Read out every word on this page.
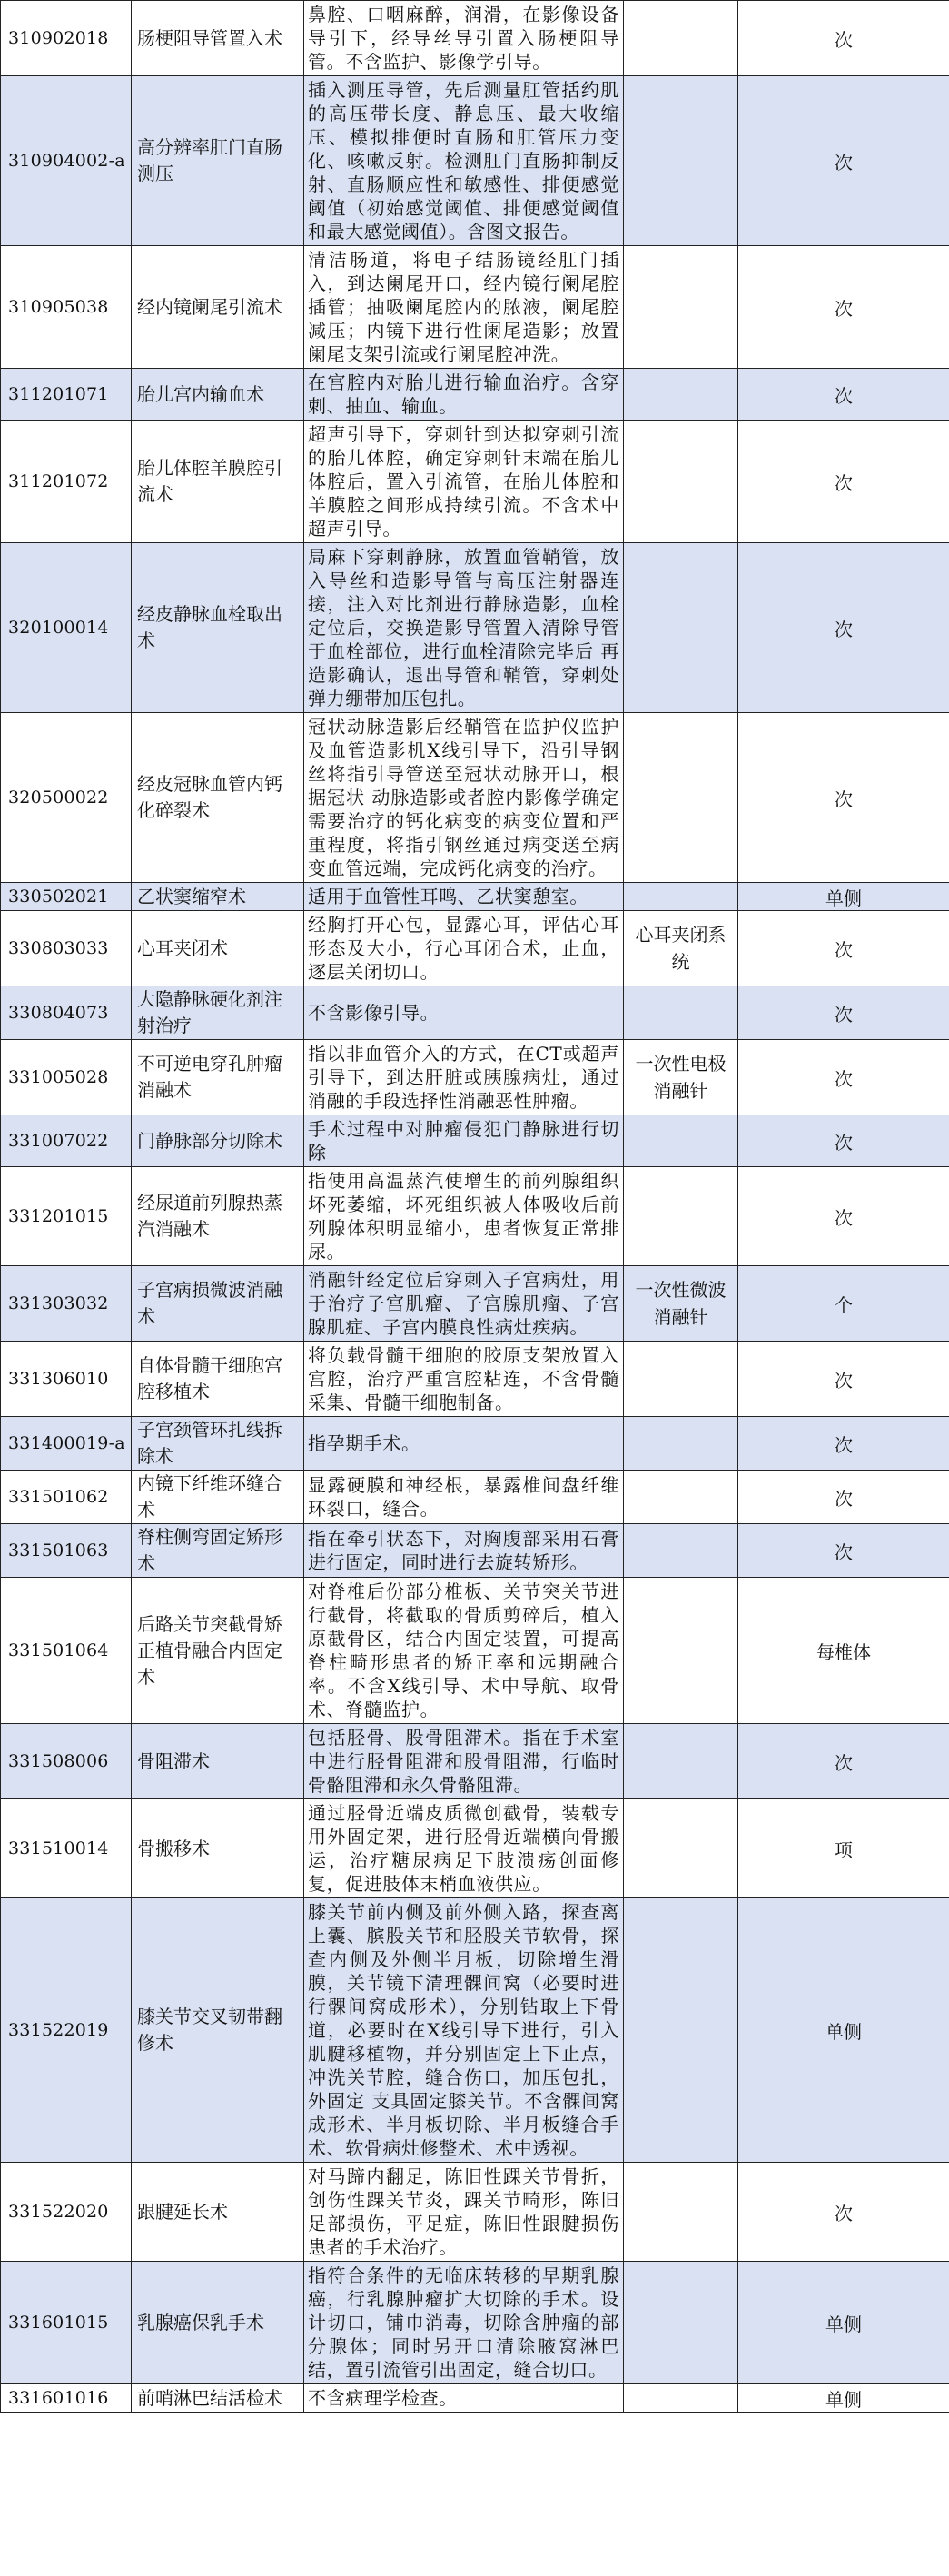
310902018	肠梗阻导管置入术	鼻腔、口咽麻醉，润滑，在影像设备导引下，经导丝导引置入肠梗阻导管。不含监护、影像学引导。		次
310904002-a	高分辨率肛门直肠测压	插入测压导管，先后测量肛管括约肌的高压带长度、静息压、最大收缩压、模拟排便时直肠和肛管压力变化、咳嗽反射。检测肛门直肠抑制反射、直肠顺应性和敏感性、排便感觉阈值（初始感觉阈值、排便感觉阈值和最大感觉阈值）。含图文报告。		次
310905038	经内镜阑尾引流术	清洁肠道，将电子结肠镜经肛门插入，到达阑尾开口，经内镜行阑尾腔插管；抽吸阑尾腔内的脓液，阑尾腔减压；内镜下进行性阑尾造影；放置阑尾支架引流或行阑尾腔冲洗。		次
311201071	胎儿宫内输血术	在宫腔内对胎儿进行输血治疗。含穿刺、抽血、输血。		次
311201072	胎儿体腔羊膜腔引流术	超声引导下，穿刺针到达拟穿刺引流的胎儿体腔，确定穿刺针末端在胎儿体腔后，置入引流管，在胎儿体腔和羊膜腔之间形成持续引流。不含术中超声引导。		次
320100014	经皮静脉血栓取出术	局麻下穿刺静脉，放置血管鞘管，放入导丝和造影导管与高压注射器连接，注入对比剂进行静脉造影，血栓定位后，交换造影导管置入清除导管于血栓部位，进行血栓清除完毕后 再造影确认，退出导管和鞘管，穿刺处弹力绷带加压包扎。		次
320500022	经皮冠脉血管内钙化碎裂术	冠状动脉造影后经鞘管在监护仪监护及血管造影机X线引导下，沿引导钢丝将指引导管送至冠状动脉开口，根据冠状 动脉造影或者腔内影像学确定需要治疗的钙化病变的病变位置和严重程度，将指引钢丝通过病变送至病变血管远端，完成钙化病变的治疗。		次
330502021	乙状窦缩窄术	适用于血管性耳鸣、乙状窦憩室。		单侧
330803033	心耳夹闭术	经胸打开心包，显露心耳，评估心耳形态及大小，行心耳闭合术，止血，逐层关闭切口。	心耳夹闭系统	次
330804073	大隐静脉硬化剂注射治疗	不含影像引导。		次
331005028	不可逆电穿孔肿瘤消融术	指以非血管介入的方式，在CT或超声引导下，到达肝脏或胰腺病灶，通过消融的手段选择性消融恶性肿瘤。	一次性电极消融针	次
331007022	门静脉部分切除术	手术过程中对肿瘤侵犯门静脉进行切除		次
331201015	经尿道前列腺热蒸汽消融术	指使用高温蒸汽使增生的前列腺组织坏死萎缩，坏死组织被人体吸收后前列腺体积明显缩小，患者恢复正常排尿。		次
331303032	子宫病损微波消融术	消融针经定位后穿刺入子宫病灶，用于治疗子宫肌瘤、子宫腺肌瘤、子宫腺肌症、子宫内膜良性病灶疾病。	一次性微波消融针	个
331306010	自体骨髓干细胞宫腔移植术	将负载骨髓干细胞的胶原支架放置入宫腔，治疗严重宫腔粘连，不含骨髓采集、骨髓干细胞制备。		次
331400019-a	子宫颈管环扎线拆除术	指孕期手术。		次
331501062	内镜下纤维环缝合术	显露硬膜和神经根，暴露椎间盘纤维环裂口，缝合。		次
331501063	脊柱侧弯固定矫形术	指在牵引状态下，对胸腹部采用石膏进行固定，同时进行去旋转矫形。		次
331501064	后路关节突截骨矫正植骨融合内固定术	对脊椎后份部分椎板、关节突关节进行截骨，将截取的骨质剪碎后，植入原截骨区，结合内固定装置，可提高脊柱畸形患者的矫正率和远期融合率。不含X线引导、术中导航、取骨术、脊髓监护。		每椎体
331508006	骨阻滞术	包括胫骨、股骨阻滞术。指在手术室中进行胫骨阻滞和股骨阻滞，行临时骨骼阻滞和永久骨骼阻滞。		次
331510014	骨搬移术	通过胫骨近端皮质微创截骨，装载专用外固定架，进行胫骨近端横向骨搬运，治疗糖尿病足下肢溃疡创面修复，促进肢体末梢血液供应。		项
331522019	膝关节交叉韧带翻修术	膝关节前内侧及前外侧入路，探查离上囊、膑股关节和胫股关节软骨，探查内侧及外侧半月板，切除增生滑膜，关节镜下清理髁间窝（必要时进行髁间窝成形术），分别钻取上下骨道，必要时在X线引导下进行，引入肌腱移植物，并分别固定上下止点，冲洗关节腔，缝合伤口，加压包扎，外固定 支具固定膝关节。不含髁间窝成形术、半月板切除、半月板缝合手术、软骨病灶修整术、术中透视。		单侧
331522020	跟腱延长术	对马蹄内翻足，陈旧性踝关节骨折，创伤性踝关节炎，踝关节畸形，陈旧足部损伤，平足症，陈旧性跟腱损伤患者的手术治疗。		次
331601015	乳腺癌保乳手术	指符合条件的无临床转移的早期乳腺癌，行乳腺肿瘤扩大切除的手术。设计切口，铺巾消毒，切除含肿瘤的部分腺体；同时另开口清除腋窝淋巴结，置引流管引出固定，缝合切口。		单侧
331601016	前哨淋巴结活检术	不含病理学检查。		单侧
